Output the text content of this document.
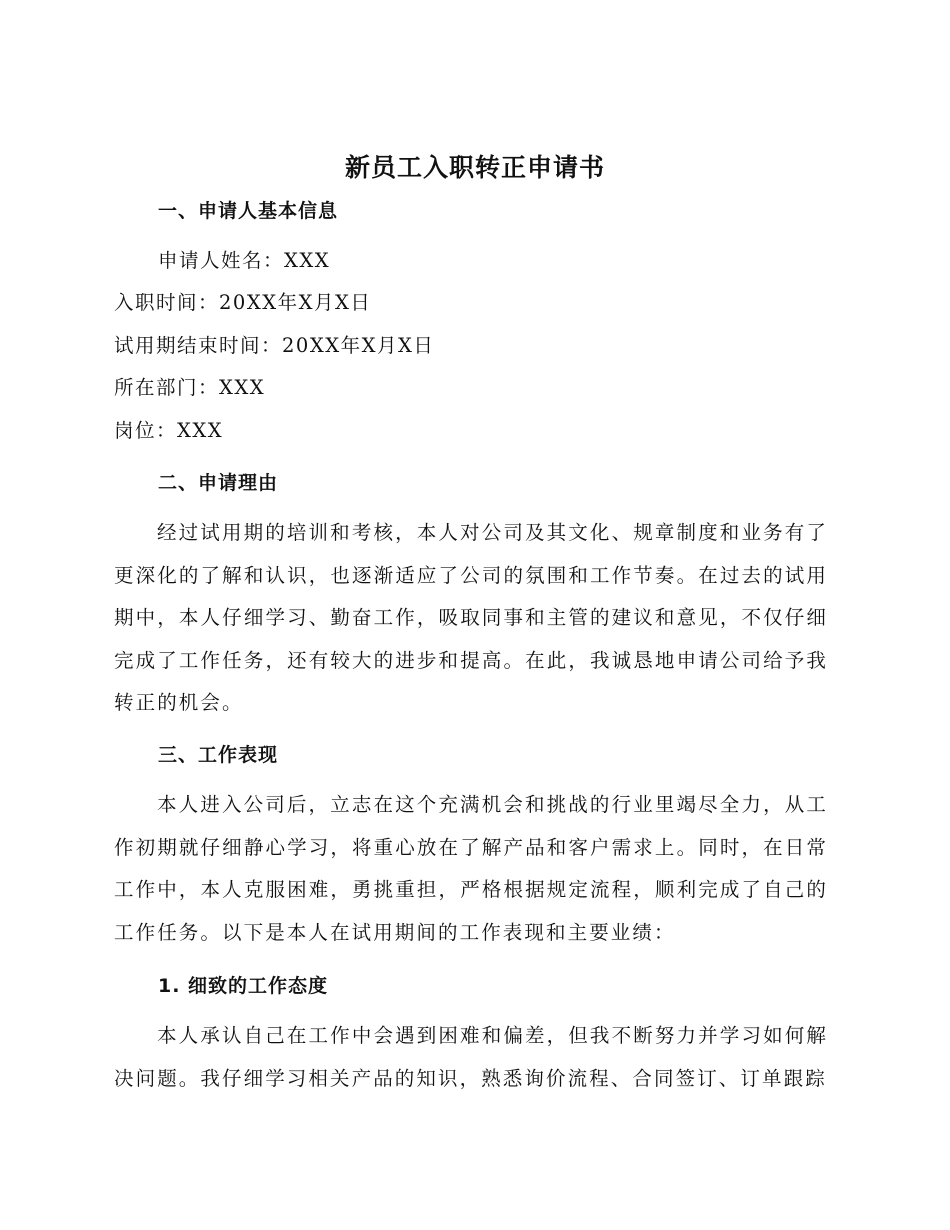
新员工入职转正申请书
一、申请人基本信息
申请人姓名：XXX
入职时间：20XX年X月X日
试用期结束时间：20XX年X月X日
所在部门：XXX
岗位：XXX
二、申请理由

经过试用期的培训和考核，本人对公司及其文化、规章制度和业务有了更深化的了解和认识，也逐渐适应了公司的氛围和工作节奏。在过去的试用期中，本人仔细学习、勤奋工作，吸取同事和主管的建议和意见，不仅仔细完成了工作任务，还有较大的进步和提高。在此，我诚恳地申请公司给予我转正的机会。

三、工作表现

本人进入公司后，立志在这个充满机会和挑战的行业里竭尽全力，从工作初期就仔细静心学习，将重心放在了解产品和客户需求上。同时，在日常工作中，本人克服困难，勇挑重担，严格根据规定流程，顺利完成了自己的工作任务。以下是本人在试用期间的工作表现和主要业绩：

1. 细致的工作态度

本人承认自己在工作中会遇到困难和偏差，但我不断努力并学习如何解决问题。我仔细学习相关产品的知识，熟悉询价流程、合同签订、订单跟踪
